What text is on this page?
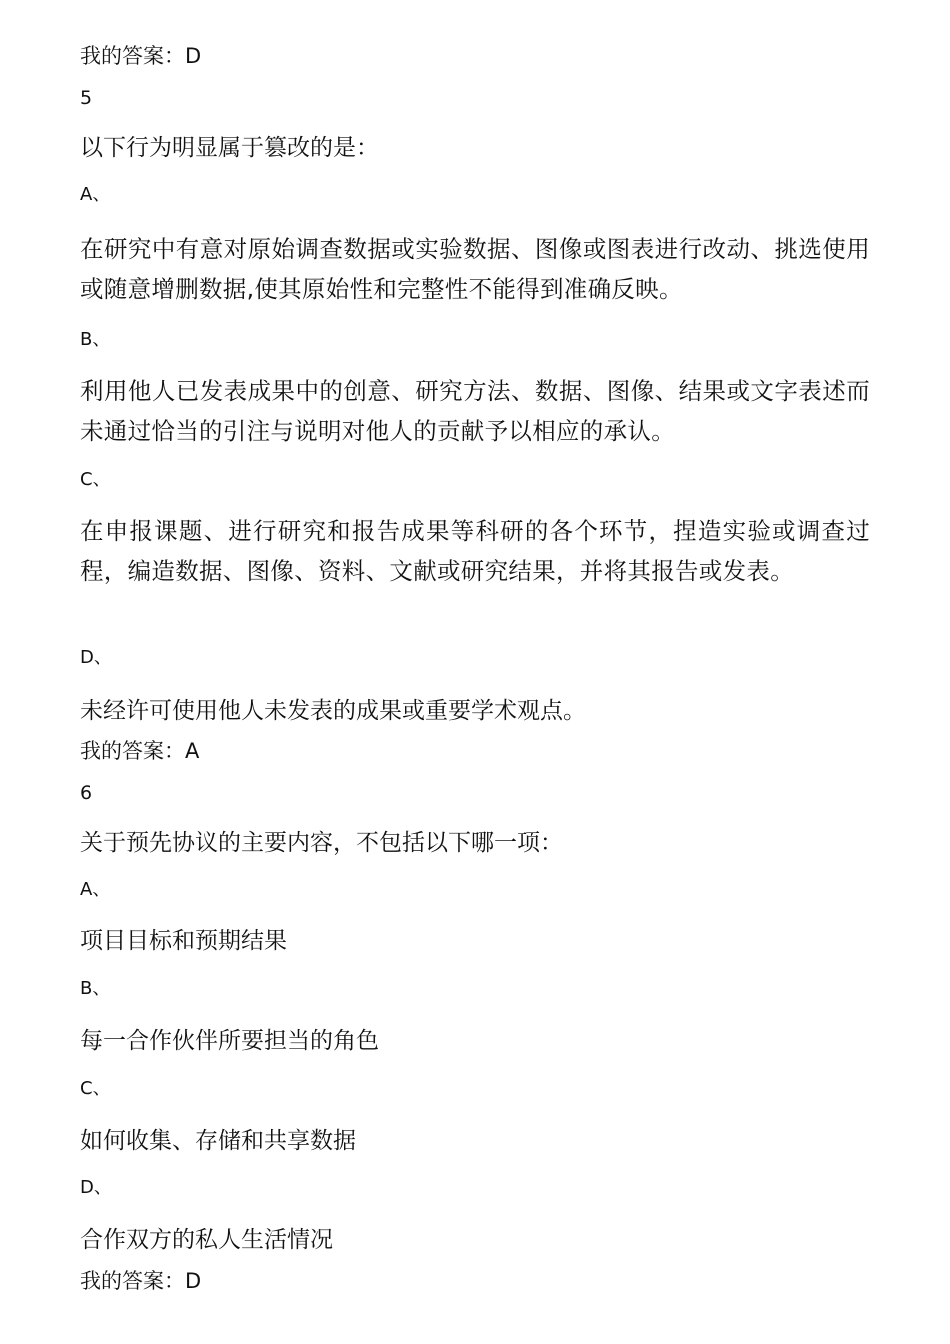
我的答案：D

5

以下行为明显属于篡改的是：

A、

在研究中有意对原始调查数据或实验数据、图像或图表进行改动、挑选使用或随意增删数据,使其原始性和完整性不能得到准确反映。

B、

利用他人已发表成果中的创意、研究方法、数据、图像、结果或文字表述而未通过恰当的引注与说明对他人的贡献予以相应的承认。

C、

在申报课题、进行研究和报告成果等科研的各个环节，捏造实验或调查过程，编造数据、图像、资料、文献或研究结果，并将其报告或发表。

D、

未经许可使用他人未发表的成果或重要学术观点。

我的答案：A

6

关于预先协议的主要内容，不包括以下哪一项：

A、

项目目标和预期结果

B、

每一合作伙伴所要担当的角色

C、

如何收集、存储和共享数据

D、

合作双方的私人生活情况

我的答案：D
